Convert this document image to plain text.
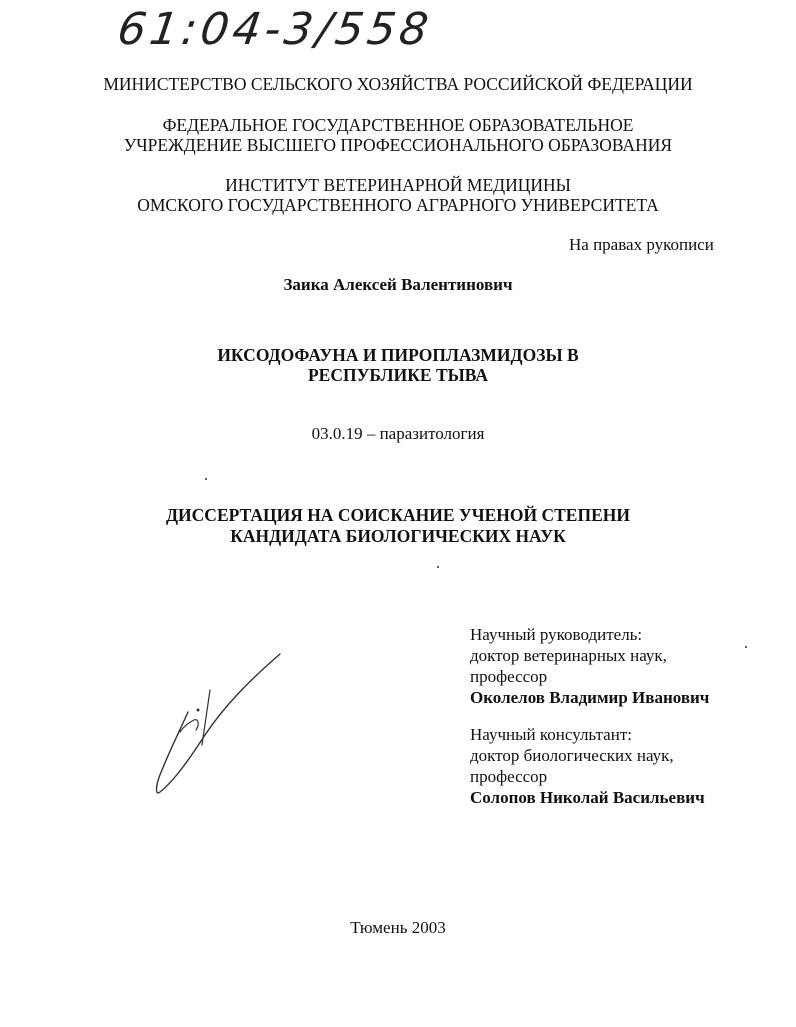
61:04-3/558
МИНИСТЕРСТВО СЕЛЬСКОГО ХОЗЯЙСТВА РОССИЙСКОЙ ФЕДЕРАЦИИ
ФЕДЕРАЛЬНОЕ ГОСУДАРСТВЕННОЕ ОБРАЗОВАТЕЛЬНОЕ
УЧРЕЖДЕНИЕ ВЫСШЕГО ПРОФЕССИОНАЛЬНОГО ОБРАЗОВАНИЯ
ИНСТИТУТ ВЕТЕРИНАРНОЙ МЕДИЦИНЫ
ОМСКОГО ГОСУДАРСТВЕННОГО АГРАРНОГО УНИВЕРСИТЕТА
На правах рукописи
Заика Алексей Валентинович
ИКСОДОФАУНА И ПИРОПЛАЗМИДОЗЫ В
РЕСПУБЛИКЕ ТЫВА
03.0.19 – паразитология
ДИССЕРТАЦИЯ НА СОИСКАНИЕ УЧЕНОЙ СТЕПЕНИ
КАНДИДАТА БИОЛОГИЧЕСКИХ НАУК
Научный руководитель:
доктор ветеринарных наук,
профессор
Околелов Владимир Иванович
Научный консультант:
доктор биологических наук,
профессор
Солопов Николай Васильевич
Тюмень 2003
